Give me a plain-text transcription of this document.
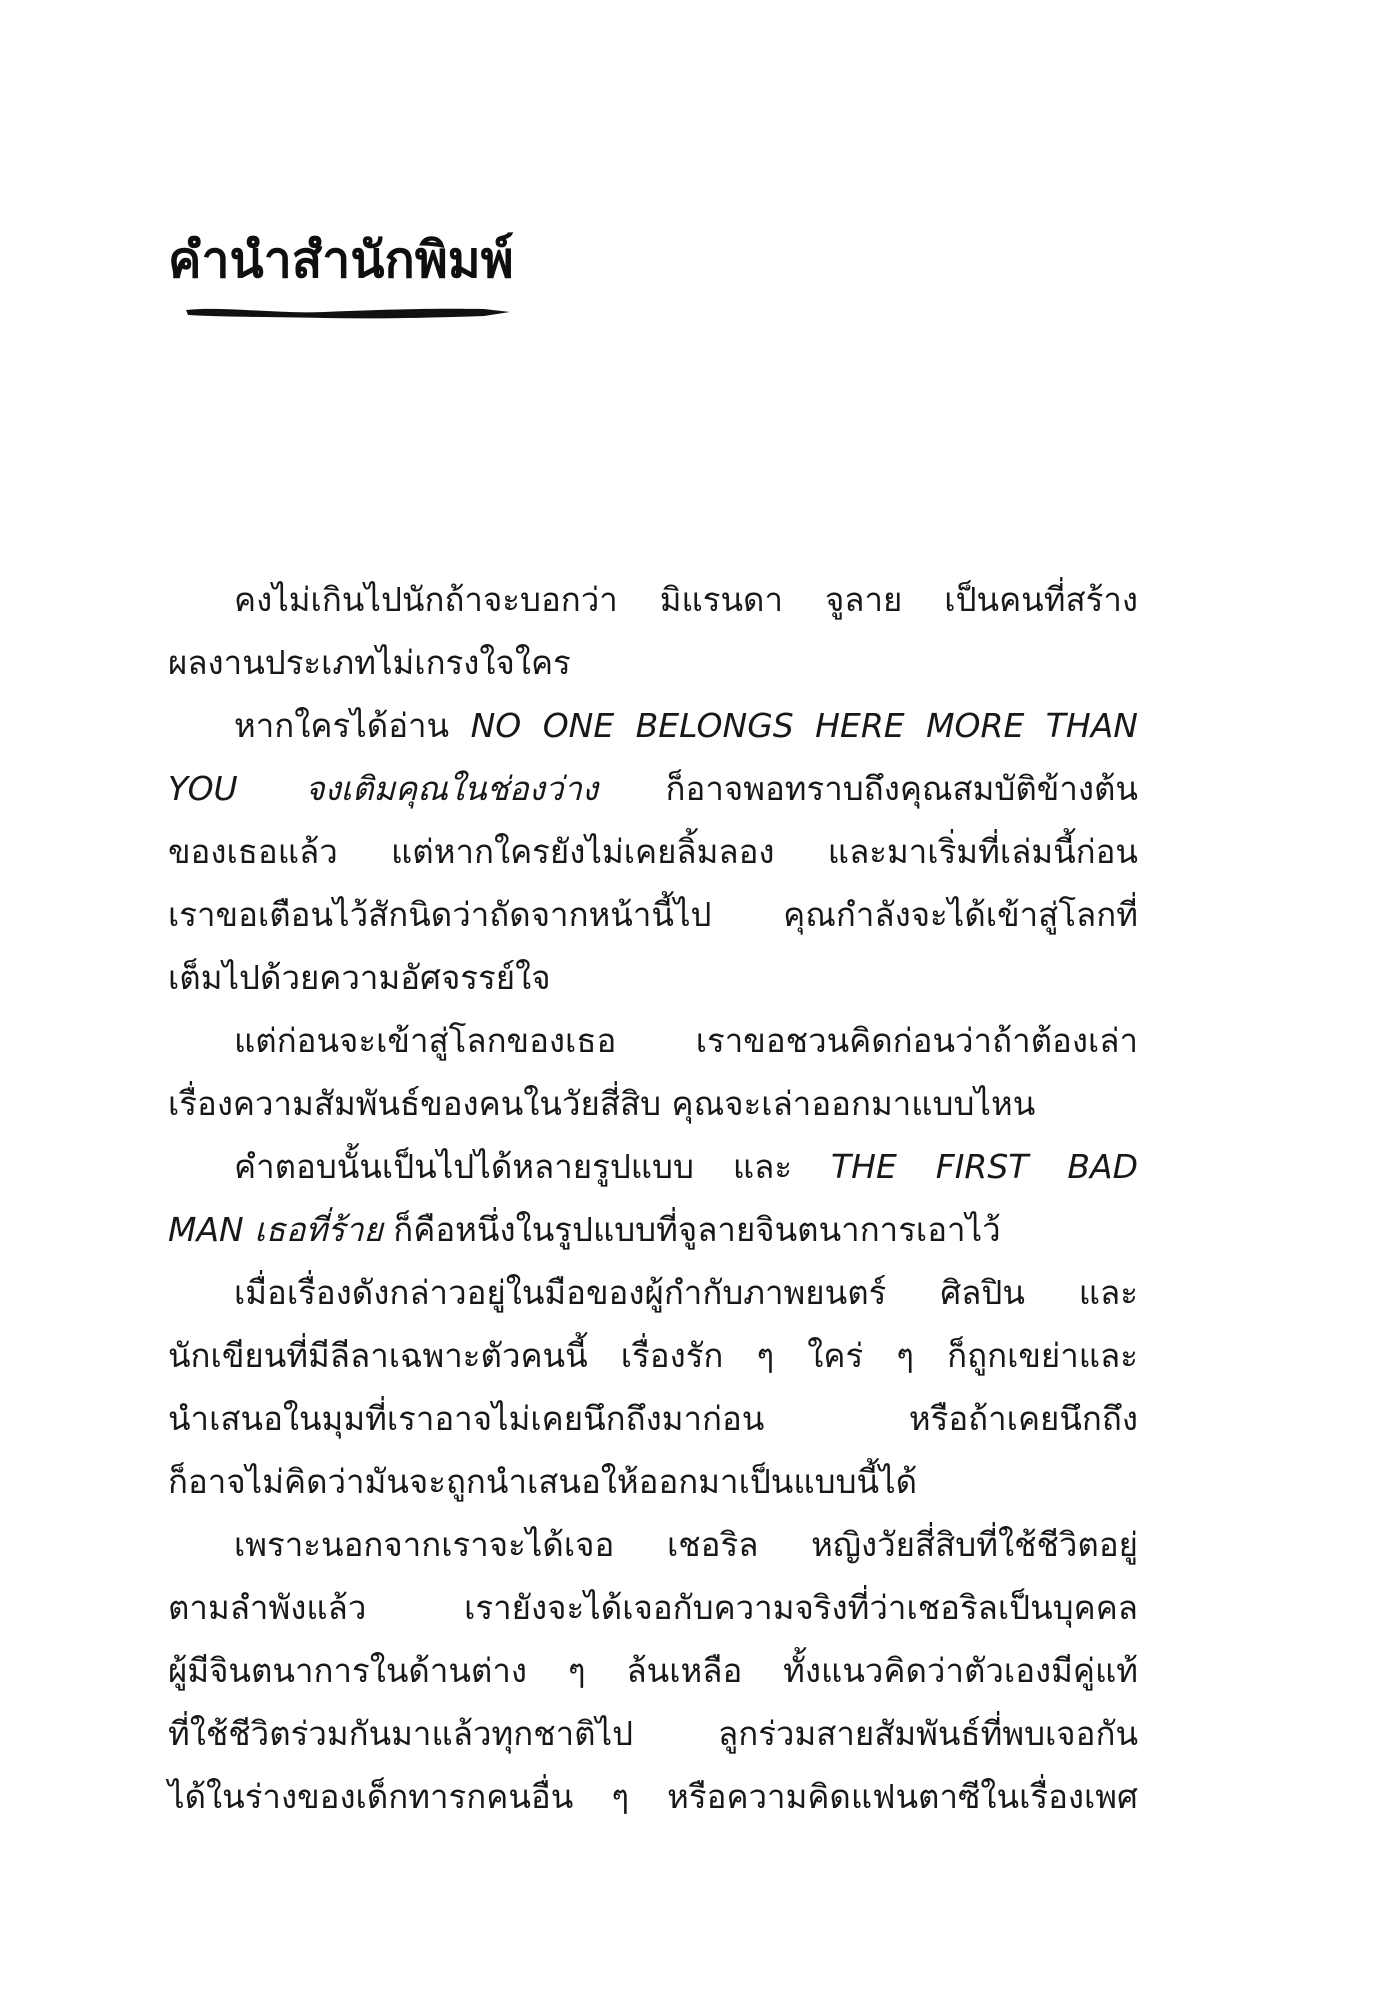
คำนำสำนักพิมพ์
คงไม่เกินไปนักถ้าจะบอกว่า มิแรนดา จูลาย เป็นคนที่สร้าง
ผลงานประเภทไม่เกรงใจใคร
หากใครได้อ่าน NO ONE BELONGS HERE MORE THAN
YOU จงเติมคุณในช่องว่าง ก็อาจพอทราบถึงคุณสมบัติข้างต้น
ของเธอแล้ว แต่หากใครยังไม่เคยลิ้มลอง และมาเริ่มที่เล่มนี้ก่อน
เราขอเตือนไว้สักนิดว่าถัดจากหน้านี้ไป คุณกำลังจะได้เข้าสู่โลกที่
เต็มไปด้วยความอัศจรรย์ใจ
แต่ก่อนจะเข้าสู่โลกของเธอ เราขอชวนคิดก่อนว่าถ้าต้องเล่า
เรื่องความสัมพันธ์ของคนในวัยสี่สิบ คุณจะเล่าออกมาแบบไหน
คำตอบนั้นเป็นไปได้หลายรูปแบบ และ THE FIRST BAD
MAN เธอที่ร้าย ก็คือหนึ่งในรูปแบบที่จูลายจินตนาการเอาไว้
เมื่อเรื่องดังกล่าวอยู่ในมือของผู้กำกับภาพยนตร์ ศิลปิน และ
นักเขียนที่มีลีลาเฉพาะตัวคนนี้ เรื่องรัก ๆ ใคร่ ๆ ก็ถูกเขย่าและ
นำเสนอในมุมที่เราอาจไม่เคยนึกถึงมาก่อน หรือถ้าเคยนึกถึง
ก็อาจไม่คิดว่ามันจะถูกนำเสนอให้ออกมาเป็นแบบนี้ได้
เพราะนอกจากเราจะได้เจอ เชอริล หญิงวัยสี่สิบที่ใช้ชีวิตอยู่
ตามลำพังแล้ว เรายังจะได้เจอกับความจริงที่ว่าเชอริลเป็นบุคคล
ผู้มีจินตนาการในด้านต่าง ๆ ล้นเหลือ ทั้งแนวคิดว่าตัวเองมีคู่แท้
ที่ใช้ชีวิตร่วมกันมาแล้วทุกชาติไป ลูกร่วมสายสัมพันธ์ที่พบเจอกัน
ได้ในร่างของเด็กทารกคนอื่น ๆ หรือความคิดแฟนตาซีในเรื่องเพศ
